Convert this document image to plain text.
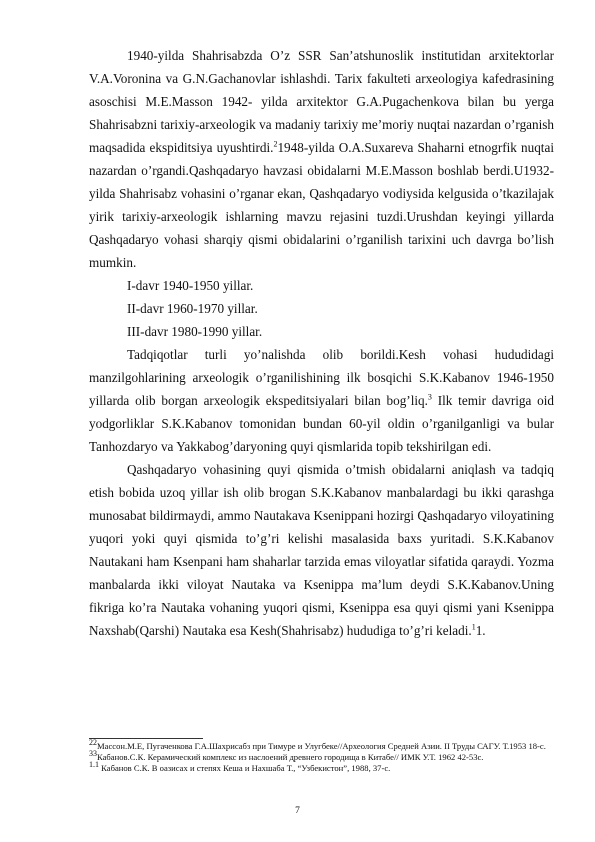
1940-yilda Shahrisabzda O’z SSR San’atshunoslik institutidan arxitektorlar V.A.Voronina va G.N.Gachanovlar ishlashdi. Tarix fakulteti arxeologiya kafedrasining asoschisi M.E.Masson 1942- yilda arxitektor G.A.Pugachenkova bilan bu yerga Shahrisabzni tarixiy-arxeologik va madaniy tarixiy me’moriy nuqtai nazardan o’rganish maqsadida ekspiditsiya uyushtirdi.$^2$1948-yilda O.A.Suxareva Shaharni etnogrfik nuqtai nazardan o’rgandi.Qashqadaryo havzasi obidalarni M.E.Masson boshlab berdi.U1932-yilda Shahrisabz vohasini o’rganar ekan, Qashqadaryo vodiysida kelgusida o’tkazilajak yirik tarixiy-arxeologik ishlarning mavzu rejasini tuzdi.Urushdan keyingi yillarda Qashqadaryo vohasi sharqiy qismi obidalarini o’rganilish tarixini uch davrga bo’lish mumkin.

I-davr 1940-1950 yillar.

II-davr 1960-1970 yillar.

III-davr 1980-1990 yillar.

Tadqiqotlar turli yo’nalishda olib borildi.Kesh vohasi hududidagi manzilgohlarining arxeologik o’rganilishining ilk bosqichi S.K.Kabanov 1946-1950 yillarda olib borgan arxeologik ekspeditsiyalari bilan bog’liq.$^3$ Ilk temir davriga oid yodgorliklar S.K.Kabanov tomonidan bundan 60-yil oldin o’rganilganligi va bular Tanhozdaryo va Yakkabog’daryoning quyi qismlarida topib tekshirilgan edi.

Qashqadaryo vohasining quyi qismida o’tmish obidalarni aniqlash va tadqiq etish bobida uzoq yillar ish olib brogan S.K.Kabanov manbalardagi bu ikki qarashga munosabat bildirmaydi, ammo Nautakava Ksenippani hozirgi Qashqadaryo viloyatining yuqori yoki quyi qismida to’g’ri kelishi masalasida baxs yuritadi. S.K.Kabanov Nautakani ham Ksenpani ham shaharlar tarzida emas viloyatlar sifatida qaraydi. Yozma manbalarda ikki viloyat Nautaka va Ksenippa ma’lum deydi S.K.Kabanov.Uning fikriga ko’ra Nautaka vohaning yuqori qismi, Ksenippa esa quyi qismi yani Ksenippa Naxshab(Qarshi) Nautaka esa Kesh(Shahrisabz) hududiga to’g’ri keladi.$^1$1.

$^{22}$Массон.М.Е, Пугаченкова Г.А.Шахрисабз при Тимуре и Улугбеке//Археология Средней Азии. II Труды САГУ. Т.1953 18-с.

$^{33}$Кабанов.С.К. Керамический комплекс из наслоений древнего городища в Китабе// ИМК У.Т. 1962 42-53с.

$^{1.1}$ Кабанов С.К. В оазисах и степях Кеша и Нахшаба Т., “Узбекистон”, 1988, 37-с.

7
